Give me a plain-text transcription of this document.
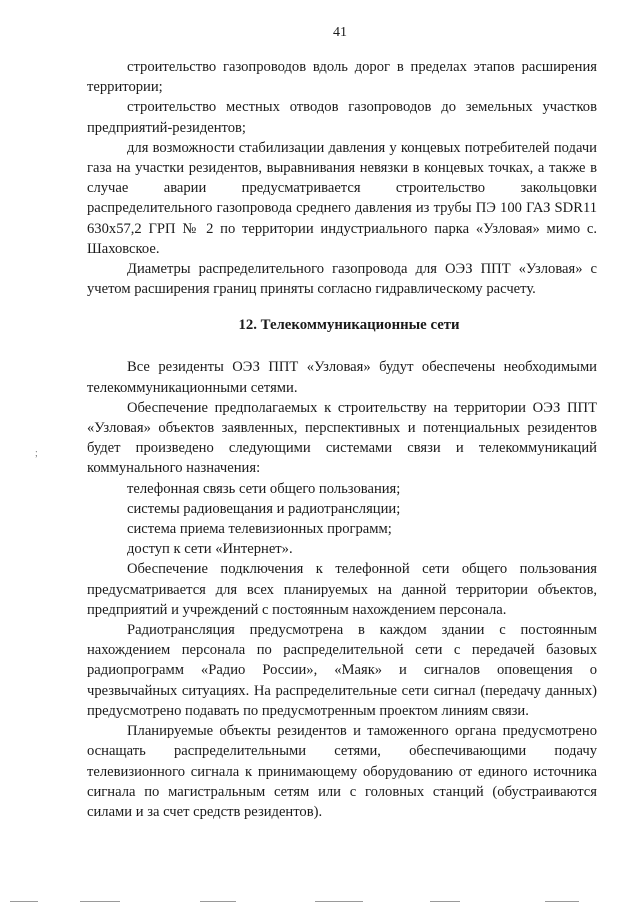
41
;

строительство газопроводов вдоль дорог в пределах этапов расширения территории;

строительство местных отводов газопроводов до земельных участков предприятий-резидентов;

для возможности стабилизации давления у концевых потребителей подачи газа на участки резидентов, выравнивания невязки в концевых точках, а также в случае аварии предусматривается строительство закольцовки распределительного газопровода среднего давления из трубы ПЭ 100 ГАЗ SDR11 630х57,2 ГРП № 2 по территории индустриального парка «Узловая» мимо с. Шаховское.

Диаметры распределительного газопровода для ОЭЗ ППТ «Узловая» с учетом расширения границ приняты согласно гидравлическому расчету.

12. Телекоммуникационные сети

Все резиденты ОЭЗ ППТ «Узловая» будут обеспечены необходимыми телекоммуникационными сетями.

Обеспечение предполагаемых к строительству на территории ОЭЗ ППТ «Узловая» объектов заявленных, перспективных и потенциальных резидентов будет произведено следующими системами связи и телекоммуникаций коммунального назначения:

телефонная связь сети общего пользования;

системы радиовещания и радиотрансляции;

система приема телевизионных программ;

доступ к сети «Интернет».

Обеспечение подключения к телефонной сети общего пользования предусматривается для всех планируемых на данной территории объектов, предприятий и учреждений с постоянным нахождением персонала.

Радиотрансляция предусмотрена в каждом здании с постоянным нахождением персонала по распределительной сети с передачей базовых радиопрограмм «Радио России», «Маяк» и сигналов оповещения о чрезвычайных ситуациях. На распределительные сети сигнал (передачу данных) предусмотрено подавать по предусмотренным проектом линиям связи.

Планируемые объекты резидентов и таможенного органа предусмотрено оснащать распределительными сетями, обеспечивающими подачу телевизионного сигнала к принимающему оборудованию от единого источника сигнала по магистральным сетям или с головных станций (обустраиваются силами и за счет средств резидентов).
